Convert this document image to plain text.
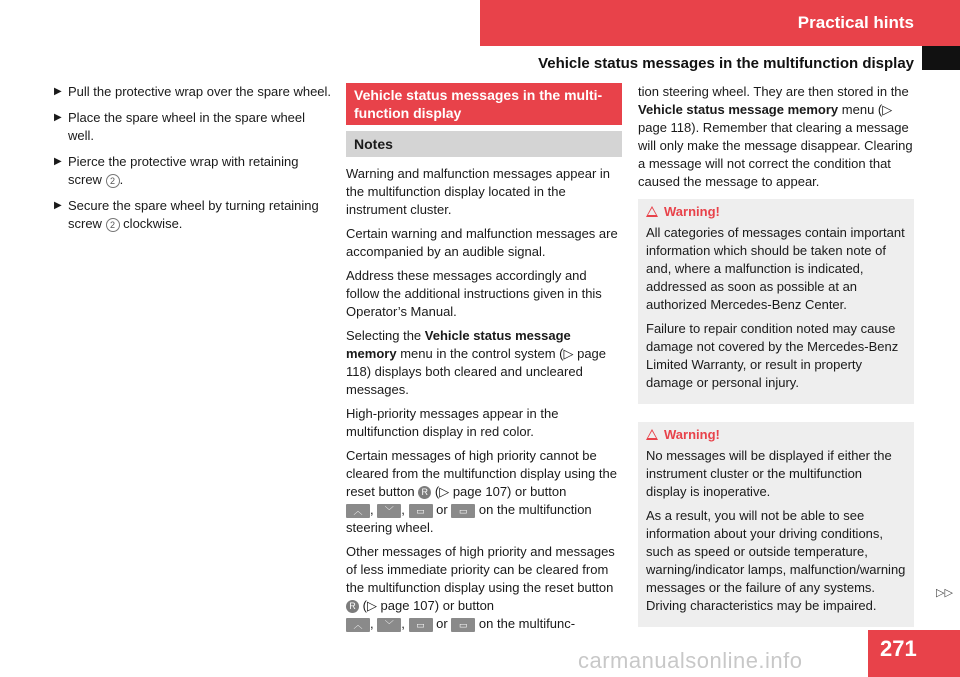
Practical hints
Vehicle status messages in the multifunction display
▶ Pull the protective wrap over the spare wheel.
▶ Place the spare wheel in the spare wheel well.
▶ Pierce the protective wrap with retaining screw 2 .
▶ Secure the spare wheel by turning retaining screw 2 clockwise.
Vehicle status messages in the multi-function display
Notes

Warning and malfunction messages appear in the multifunction display located in the instrument cluster.

Certain warning and malfunction messages are accompanied by an audible signal.

Address these messages accordingly and follow the additional instructions given in this Operator’s Manual.

Selecting the Vehicle status message memory menu in the control system (▷ page 118) displays both cleared and uncleared messages.

High-priority messages appear in the multifunction display in red color.

Certain messages of high priority cannot be cleared from the multifunction display using the reset button R (▷ page 107) or button
︿ , ﹀ , ▭ or ▭ on the multifunction steering wheel.

Other messages of high priority and messages of less immediate priority can be cleared from the multifunction display using the reset button R (▷ page 107) or button
︿ , ﹀ , ▭ or ▭ on the multifunc-

tion steering wheel. They are then stored in the Vehicle status message memory menu (▷ page 118). Remember that clearing a message will only make the message disappear. Clearing a message will not correct the condition that caused the message to appear.

Warning!

All categories of messages contain important information which should be taken note of and, where a malfunction is indicated, addressed as soon as possible at an authorized Mercedes-Benz Center.

Failure to repair condition noted may cause damage not covered by the Mercedes-Benz Limited Warranty, or result in property damage or personal injury.

Warning!

No messages will be displayed if either the instrument cluster or the multifunction display is inoperative.

As a result, you will not be able to see information about your driving conditions, such as speed or outside temperature, warning/indicator lamps, malfunction/warning messages or the failure of any systems. Driving characteristics may be impaired.

▷▷
271
carmanualsonline.info
